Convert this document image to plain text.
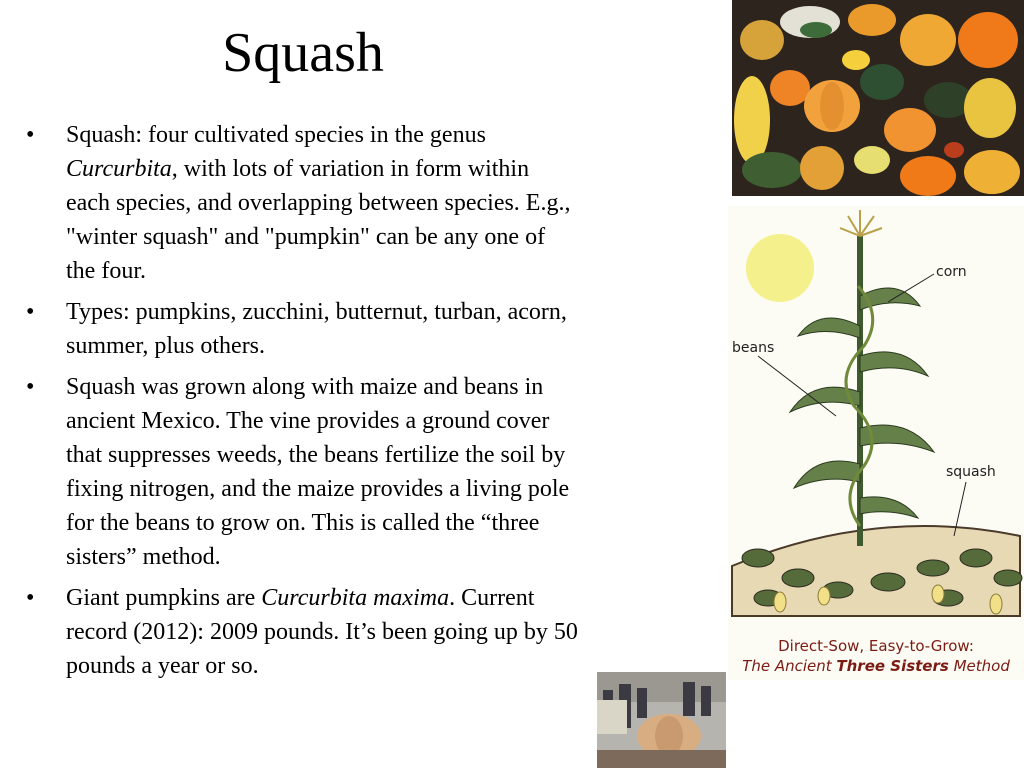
Squash
• Squash: four cultivated species in the genus Curcurbita, with lots of variation in form within each species, and overlapping between species. E.g., "winter squash" and "pumpkin" can be any one of the four.
• Types: pumpkins, zucchini, butternut, turban, acorn, summer, plus others.
• Squash was grown along with maize and beans in ancient Mexico. The vine provides a ground cover that suppresses weeds, the beans fertilize the soil by fixing nitrogen, and the maize provides a living pole for the beans to grow on. This is called the “three sisters” method.
• Giant pumpkins are Curcurbita maxima. Current record (2012): 2009 pounds. It’s been going up by 50 pounds a year or so.
corn
beans
squash
Direct-Sow, Easy-to-Grow:
The Ancient Three Sisters Method
